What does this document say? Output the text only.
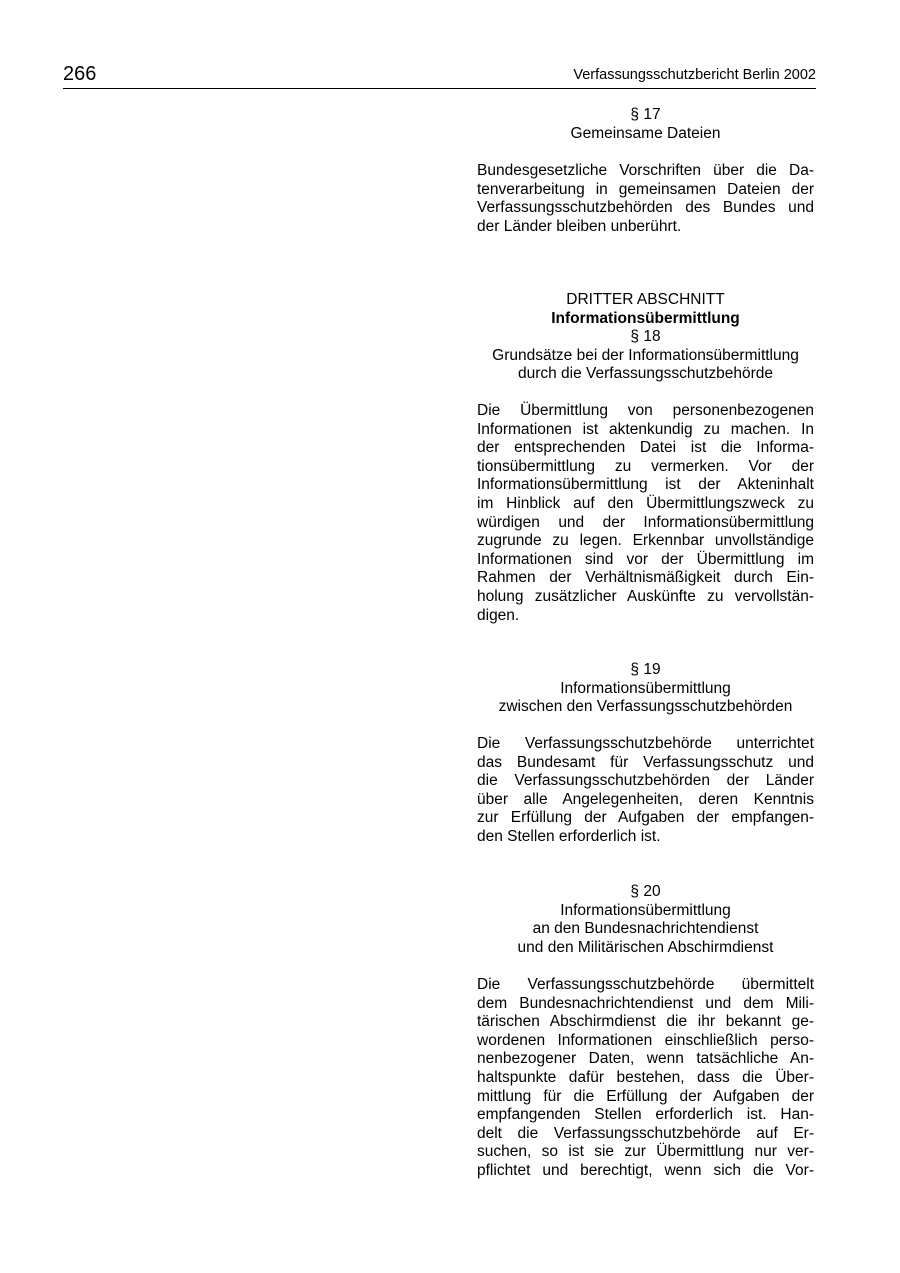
266	Verfassungsschutzbericht Berlin 2002
§ 17
Gemeinsame Dateien
Bundesgesetzliche Vorschriften über die Da-
tenverarbeitung in gemeinsamen Dateien der
Verfassungsschutzbehörden des Bundes und
der Länder bleiben unberührt.
DRITTER ABSCHNITT
Informationsübermittlung
§ 18
Grundsätze bei der Informationsübermittlung
durch die Verfassungsschutzbehörde
Die Übermittlung von personenbezogenen
Informationen ist aktenkundig zu machen. In
der entsprechenden Datei ist die Informa-
tionsübermittlung zu vermerken. Vor der
Informationsübermittlung ist der Akteninhalt
im Hinblick auf den Übermittlungszweck zu
würdigen und der Informationsübermittlung
zugrunde zu legen. Erkennbar unvollständige
Informationen sind vor der Übermittlung im
Rahmen der Verhältnismäßigkeit durch Ein-
holung zusätzlicher Auskünfte zu vervollstän-
digen.
§ 19
Informationsübermittlung
zwischen den Verfassungsschutzbehörden
Die Verfassungsschutzbehörde unterrichtet
das Bundesamt für Verfassungsschutz und
die Verfassungsschutzbehörden der Länder
über alle Angelegenheiten, deren Kenntnis
zur Erfüllung der Aufgaben der empfangen-
den Stellen erforderlich ist.
§ 20
Informationsübermittlung
an den Bundesnachrichtendienst
und den Militärischen Abschirmdienst
Die Verfassungsschutzbehörde übermittelt
dem Bundesnachrichtendienst und dem Mili-
tärischen Abschirmdienst die ihr bekannt ge-
wordenen Informationen einschließlich perso-
nenbezogener Daten, wenn tatsächliche An-
haltspunkte dafür bestehen, dass die Über-
mittlung für die Erfüllung der Aufgaben der
empfangenden Stellen erforderlich ist. Han-
delt die Verfassungsschutzbehörde auf Er-
suchen, so ist sie zur Übermittlung nur ver-
pflichtet und berechtigt, wenn sich die Vor-
